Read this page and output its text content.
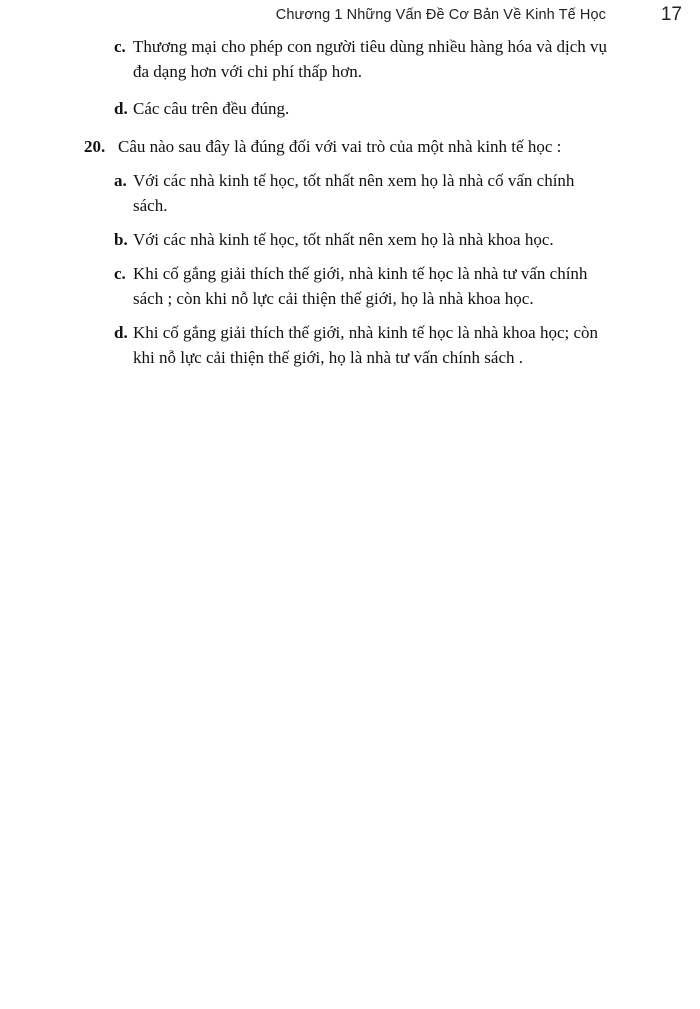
Chương 1 Những Vấn Đề Cơ Bản Về Kinh Tế Học	17
c. Thương mại cho phép con người tiêu dùng nhiều hàng hóa và dịch vụ đa dạng hơn với chi phí thấp hơn.
d. Các câu trên đều đúng.
20. Câu nào sau đây là đúng đối với vai trò của một nhà kinh tế học :
a. Với các nhà kinh tế học, tốt nhất nên xem họ là nhà cố vấn chính sách.
b. Với các nhà kinh tế học, tốt nhất nên xem họ là nhà khoa học.
c. Khi cố gắng giải thích thế giới, nhà kinh tế học là nhà tư vấn chính sách ; còn khi nỗ lực cải thiện thế giới, họ là nhà khoa học.
d. Khi cố gắng giải thích thế giới, nhà kinh tế học là nhà khoa học; còn khi nỗ lực cải thiện thế giới, họ là nhà tư vấn chính sách .
